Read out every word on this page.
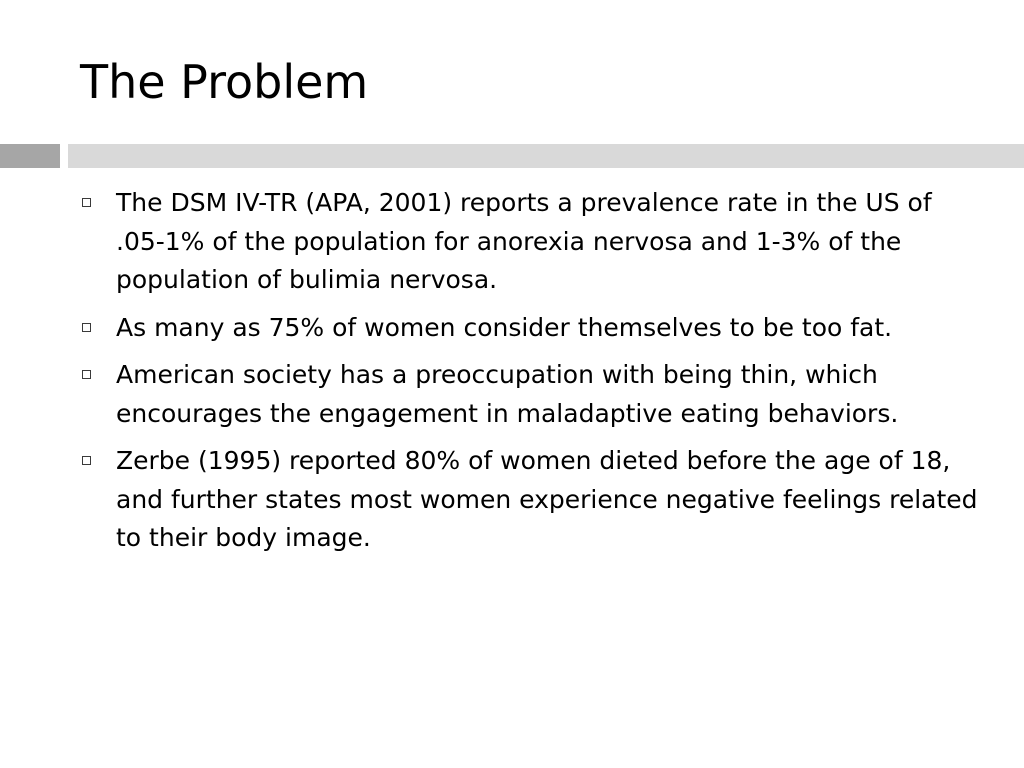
The Problem
The DSM IV-TR (APA, 2001) reports a prevalence rate in the US of .05-1% of the population for anorexia nervosa and 1-3% of the population of bulimia nervosa.
As many as 75% of women consider themselves to be too fat.
American society has a preoccupation with being thin, which encourages the engagement in maladaptive eating behaviors.
Zerbe (1995) reported 80% of women dieted before the age of 18, and further states most women experience negative feelings related to their body image.
